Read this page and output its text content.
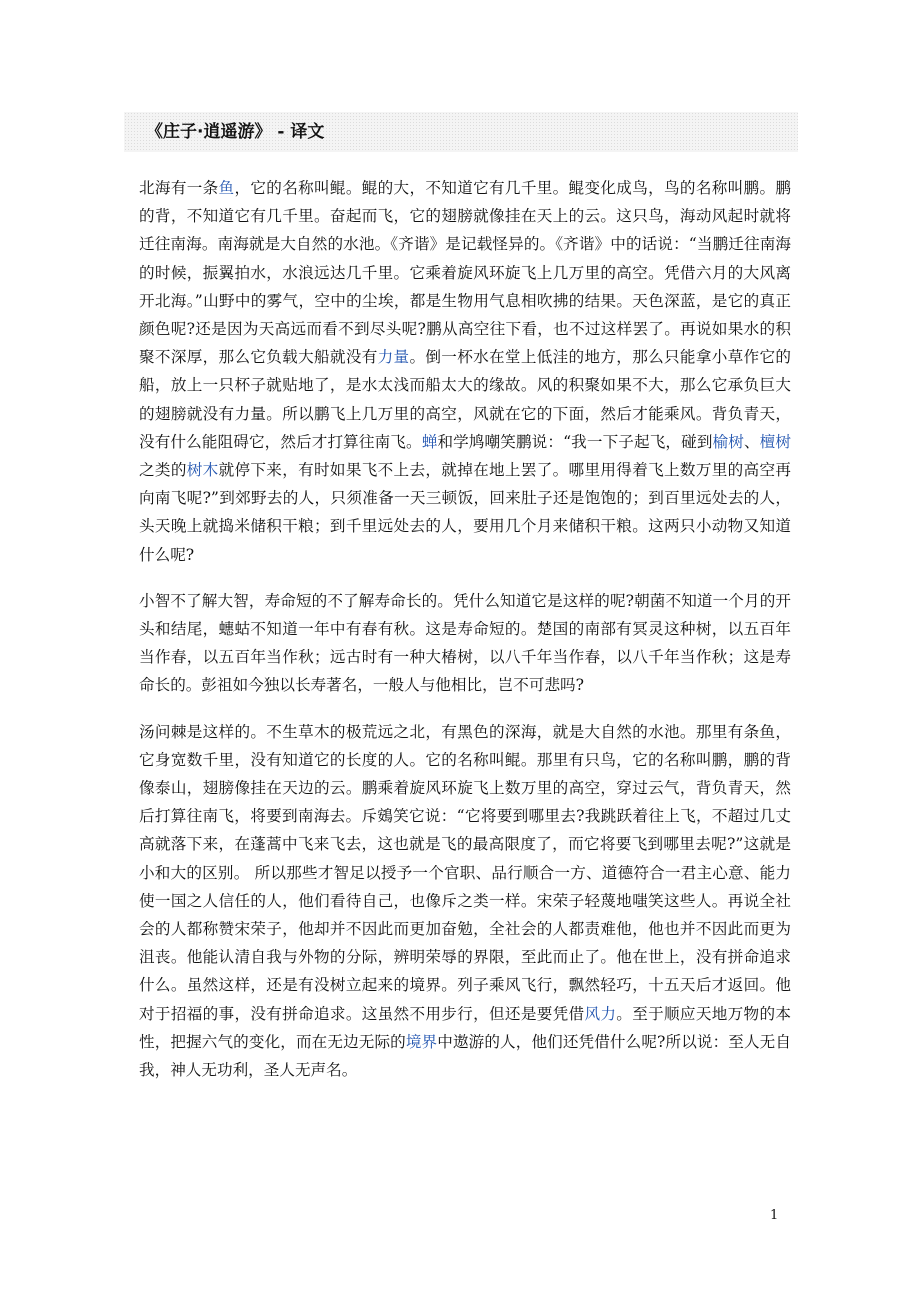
《庄子·逍遥游》 - 译文

北海有一条鱼，它的名称叫鲲。鲲的大，不知道它有几千里。鲲变化成鸟，鸟的名称叫鹏。鹏的背，不知道它有几千里。奋起而飞，它的翅膀就像挂在天上的云。这只鸟，海动风起时就将迁往南海。南海就是大自然的水池。《齐谐》是记载怪异的。《齐谐》中的话说：“当鹏迁往南海的时候，振翼拍水，水浪远达几千里。它乘着旋风环旋飞上几万里的高空。凭借六月的大风离开北海。”山野中的雾气，空中的尘埃，都是生物用气息相吹拂的结果。天色深蓝，是它的真正颜色呢?还是因为天高远而看不到尽头呢?鹏从高空往下看，也不过这样罢了。再说如果水的积聚不深厚，那么它负载大船就没有力量。倒一杯水在堂上低洼的地方，那么只能拿小草作它的船，放上一只杯子就贴地了，是水太浅而船太大的缘故。风的积聚如果不大，那么它承负巨大的翅膀就没有力量。所以鹏飞上几万里的高空，风就在它的下面，然后才能乘风。背负青天，没有什么能阻碍它，然后才打算往南飞。蝉和学鸠嘲笑鹏说：“我一下子起飞，碰到榆树、檀树之类的树木就停下来，有时如果飞不上去，就掉在地上罢了。哪里用得着飞上数万里的高空再向南飞呢?”到郊野去的人，只须准备一天三顿饭，回来肚子还是饱饱的；到百里远处去的人，头天晚上就捣米储积干粮；到千里远处去的人，要用几个月来储积干粮。这两只小动物又知道什么呢?

小智不了解大智，寿命短的不了解寿命长的。凭什么知道它是这样的呢?朝菌不知道一个月的开头和结尾，蟪蛄不知道一年中有春有秋。这是寿命短的。楚国的南部有冥灵这种树，以五百年当作春，以五百年当作秋；远古时有一种大椿树，以八千年当作春，以八千年当作秋；这是寿命长的。彭祖如今独以长寿著名，一般人与他相比，岂不可悲吗?

汤问棘是这样的。不生草木的极荒远之北，有黑色的深海，就是大自然的水池。那里有条鱼，它身宽数千里，没有知道它的长度的人。它的名称叫鲲。那里有只鸟，它的名称叫鹏，鹏的背像泰山，翅膀像挂在天边的云。鹏乘着旋风环旋飞上数万里的高空，穿过云气，背负青天，然后打算往南飞，将要到南海去。斥鴳笑它说：“它将要到哪里去?我跳跃着往上飞，不超过几丈高就落下来，在蓬蒿中飞来飞去，这也就是飞的最高限度了，而它将要飞到哪里去呢?”这就是小和大的区别。 所以那些才智足以授予一个官职、品行顺合一方、道德符合一君主心意、能力使一国之人信任的人，他们看待自己，也像斥之类一样。宋荣子轻蔑地嗤笑这些人。再说全社会的人都称赞宋荣子，他却并不因此而更加奋勉，全社会的人都责难他，他也并不因此而更为沮丧。他能认清自我与外物的分际，辨明荣辱的界限，至此而止了。他在世上，没有拼命追求什么。虽然这样，还是有没树立起来的境界。列子乘风飞行，飘然轻巧，十五天后才返回。他对于招福的事，没有拼命追求。这虽然不用步行，但还是要凭借风力。至于顺应天地万物的本性，把握六气的变化，而在无边无际的境界中遨游的人，他们还凭借什么呢?所以说：至人无自我，神人无功利，圣人无声名。

1
